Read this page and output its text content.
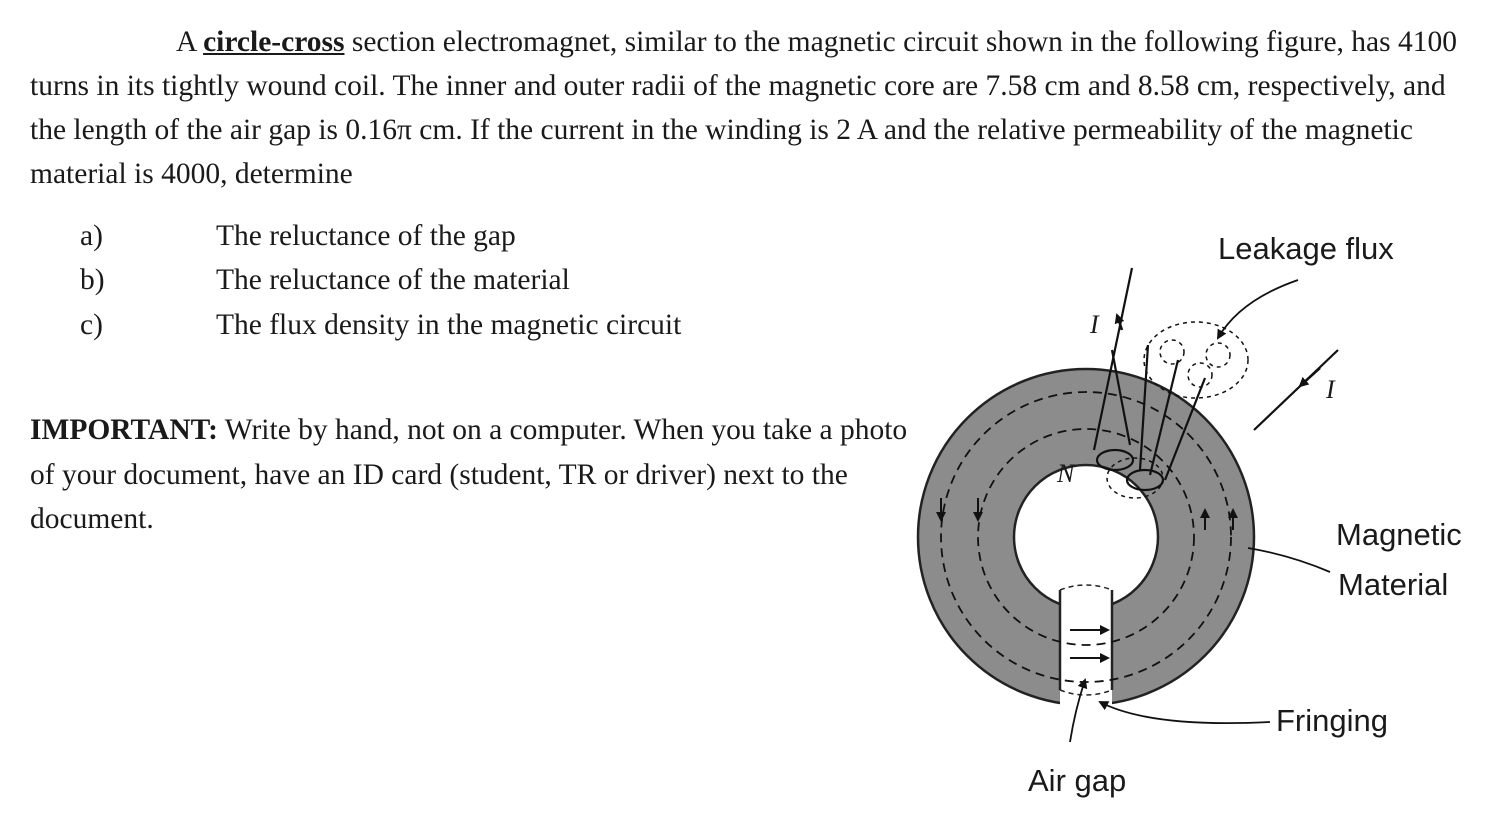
A circle-cross section electromagnet, similar to the magnetic circuit shown in the following figure, has 4100 turns in its tightly wound coil. The inner and outer radii of the magnetic core are 7.58 cm and 8.58 cm, respectively, and the length of the air gap is 0.16π cm. If the current in the winding is 2 A and the relative permeability of the magnetic material is 4000, determine

a)	The reluctance of the gap
b)	The reluctance of the material
c)	The flux density in the magnetic circuit

IMPORTANT: Write by hand, not on a computer. When you take a photo of your document, have an ID card (student, TR or driver) next to the document.

Leakage flux
Magnetic
Material
Fringing
Air gap
N
I
I
